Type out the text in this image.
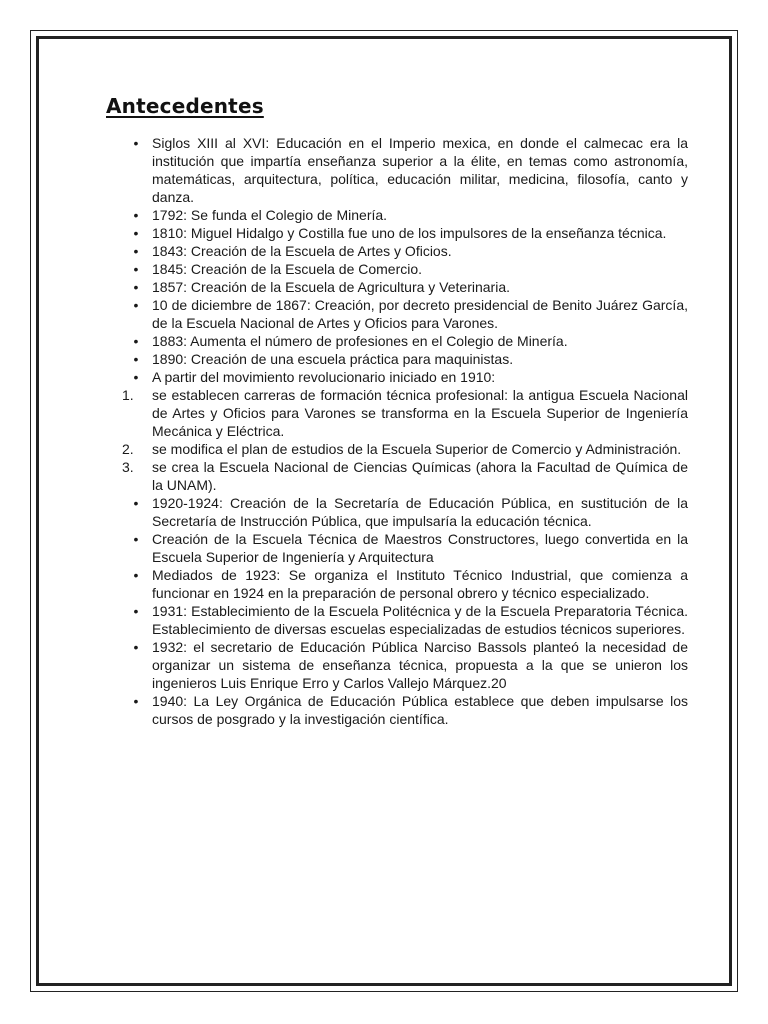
Antecedentes
• Siglos XIII al XVI: Educación en el Imperio mexica, en donde el calmecac era la institución que impartía enseñanza superior a la élite, en temas como astronomía, matemáticas, arquitectura, política, educación militar, medicina, filosofía, canto y danza.
• 1792: Se funda el Colegio de Minería.
• 1810: Miguel Hidalgo y Costilla fue uno de los impulsores de la enseñanza técnica.
• 1843: Creación de la Escuela de Artes y Oficios.
• 1845: Creación de la Escuela de Comercio.
• 1857: Creación de la Escuela de Agricultura y Veterinaria.
• 10 de diciembre de 1867: Creación, por decreto presidencial de Benito Juárez García, de la Escuela Nacional de Artes y Oficios para Varones.
• 1883: Aumenta el número de profesiones en el Colegio de Minería.
• 1890: Creación de una escuela práctica para maquinistas.
• A partir del movimiento revolucionario iniciado en 1910:
1.	se establecen carreras de formación técnica profesional: la antigua Escuela Nacional de Artes y Oficios para Varones se transforma en la Escuela Superior de Ingeniería Mecánica y Eléctrica.
2.	se modifica el plan de estudios de la Escuela Superior de Comercio y Administración.
3.	se crea la Escuela Nacional de Ciencias Químicas (ahora la Facultad de Química de la UNAM).
• 1920-1924: Creación de la Secretaría de Educación Pública, en sustitución de la Secretaría de Instrucción Pública, que impulsaría la educación técnica.
• Creación de la Escuela Técnica de Maestros Constructores, luego convertida en la Escuela Superior de Ingeniería y Arquitectura
• Mediados de 1923: Se organiza el Instituto Técnico Industrial, que comienza a funcionar en 1924 en la preparación de personal obrero y técnico especializado.
• 1931: Establecimiento de la Escuela Politécnica y de la Escuela Preparatoria Técnica. Establecimiento de diversas escuelas especializadas de estudios técnicos superiores.
• 1932: el secretario de Educación Pública Narciso Bassols planteó la necesidad de organizar un sistema de enseñanza técnica, propuesta a la que se unieron los ingenieros Luis Enrique Erro y Carlos Vallejo Márquez.20
• 1940: La Ley Orgánica de Educación Pública establece que deben impulsarse los cursos de posgrado y la investigación científica.
